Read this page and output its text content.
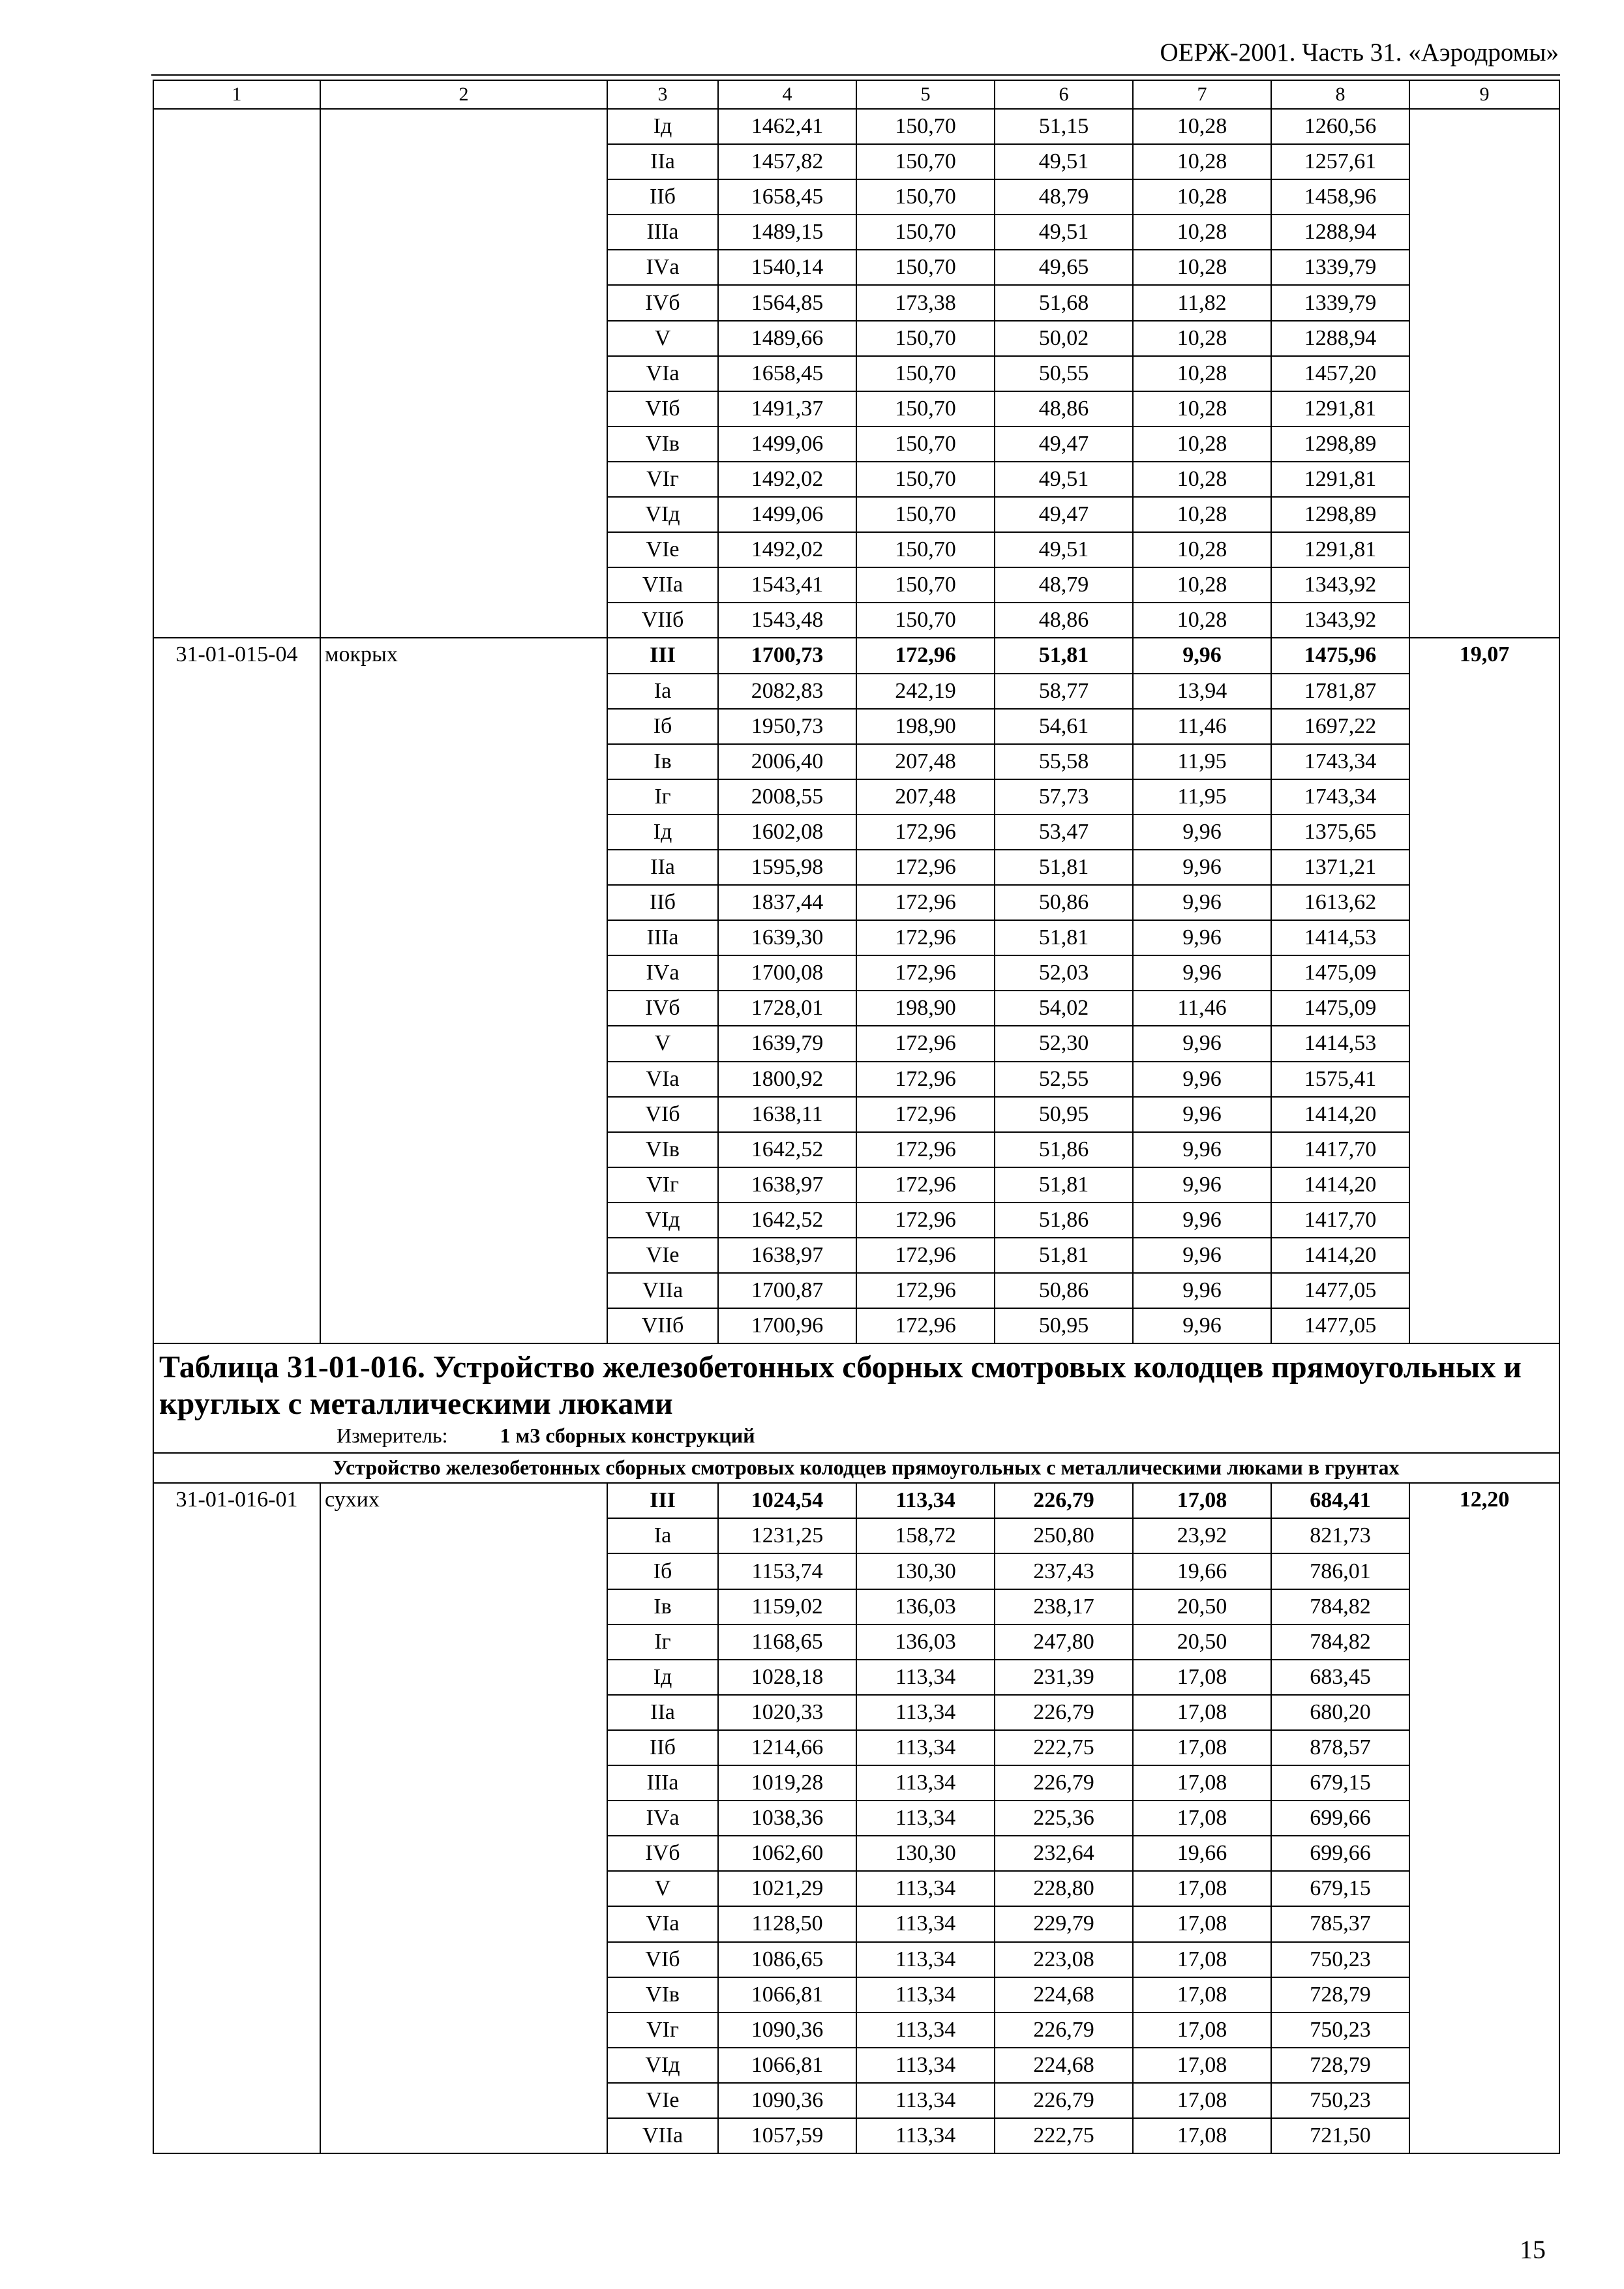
ОЕРЖ-2001. Часть 31. «Аэродромы»
1	2	3	4	5	6	7	8	9
		Iд	1462,41	150,70	51,15	10,28	1260,56	
		IIа	1457,82	150,70	49,51	10,28	1257,61	
		IIб	1658,45	150,70	48,79	10,28	1458,96	
		IIIа	1489,15	150,70	49,51	10,28	1288,94	
		IVа	1540,14	150,70	49,65	10,28	1339,79	
		IVб	1564,85	173,38	51,68	11,82	1339,79	
		V	1489,66	150,70	50,02	10,28	1288,94	
		VIа	1658,45	150,70	50,55	10,28	1457,20	
		VIб	1491,37	150,70	48,86	10,28	1291,81	
		VIв	1499,06	150,70	49,47	10,28	1298,89	
		VIг	1492,02	150,70	49,51	10,28	1291,81	
		VIд	1499,06	150,70	49,47	10,28	1298,89	
		VIе	1492,02	150,70	49,51	10,28	1291,81	
		VIIа	1543,41	150,70	48,79	10,28	1343,92	
		VIIб	1543,48	150,70	48,86	10,28	1343,92	
31-01-015-04	мокрых	III	1700,73	172,96	51,81	9,96	1475,96	19,07
		Iа	2082,83	242,19	58,77	13,94	1781,87	
		Iб	1950,73	198,90	54,61	11,46	1697,22	
		Iв	2006,40	207,48	55,58	11,95	1743,34	
		Iг	2008,55	207,48	57,73	11,95	1743,34	
		Iд	1602,08	172,96	53,47	9,96	1375,65	
		IIа	1595,98	172,96	51,81	9,96	1371,21	
		IIб	1837,44	172,96	50,86	9,96	1613,62	
		IIIа	1639,30	172,96	51,81	9,96	1414,53	
		IVа	1700,08	172,96	52,03	9,96	1475,09	
		IVб	1728,01	198,90	54,02	11,46	1475,09	
		V	1639,79	172,96	52,30	9,96	1414,53	
		VIа	1800,92	172,96	52,55	9,96	1575,41	
		VIб	1638,11	172,96	50,95	9,96	1414,20	
		VIв	1642,52	172,96	51,86	9,96	1417,70	
		VIг	1638,97	172,96	51,81	9,96	1414,20	
		VIд	1642,52	172,96	51,86	9,96	1417,70	
		VIе	1638,97	172,96	51,81	9,96	1414,20	
		VIIа	1700,87	172,96	50,86	9,96	1477,05	
		VIIб	1700,96	172,96	50,95	9,96	1477,05	

Таблица 31-01-016. Устройство железобетонных сборных смотровых колодцев прямоугольных и круглых с металлическими люками
Измеритель: 1 м3 сборных конструкций								

Устройство железобетонных сборных смотровых колодцев прямоугольных с металлическими люками в грунтах								

31-01-016-01	сухих	III	1024,54	113,34	226,79	17,08	684,41	12,20
		Iа	1231,25	158,72	250,80	23,92	821,73	
		Iб	1153,74	130,30	237,43	19,66	786,01	
		Iв	1159,02	136,03	238,17	20,50	784,82	
		Iг	1168,65	136,03	247,80	20,50	784,82	
		Iд	1028,18	113,34	231,39	17,08	683,45	
		IIа	1020,33	113,34	226,79	17,08	680,20	
		IIб	1214,66	113,34	222,75	17,08	878,57	
		IIIа	1019,28	113,34	226,79	17,08	679,15	
		IVа	1038,36	113,34	225,36	17,08	699,66	
		IVб	1062,60	130,30	232,64	19,66	699,66	
		V	1021,29	113,34	228,80	17,08	679,15	
		VIа	1128,50	113,34	229,79	17,08	785,37	
		VIб	1086,65	113,34	223,08	17,08	750,23	
		VIв	1066,81	113,34	224,68	17,08	728,79	
		VIг	1090,36	113,34	226,79	17,08	750,23	
		VIд	1066,81	113,34	224,68	17,08	728,79	
		VIе	1090,36	113,34	226,79	17,08	750,23	
		VIIа	1057,59	113,34	222,75	17,08	721,50	
15
